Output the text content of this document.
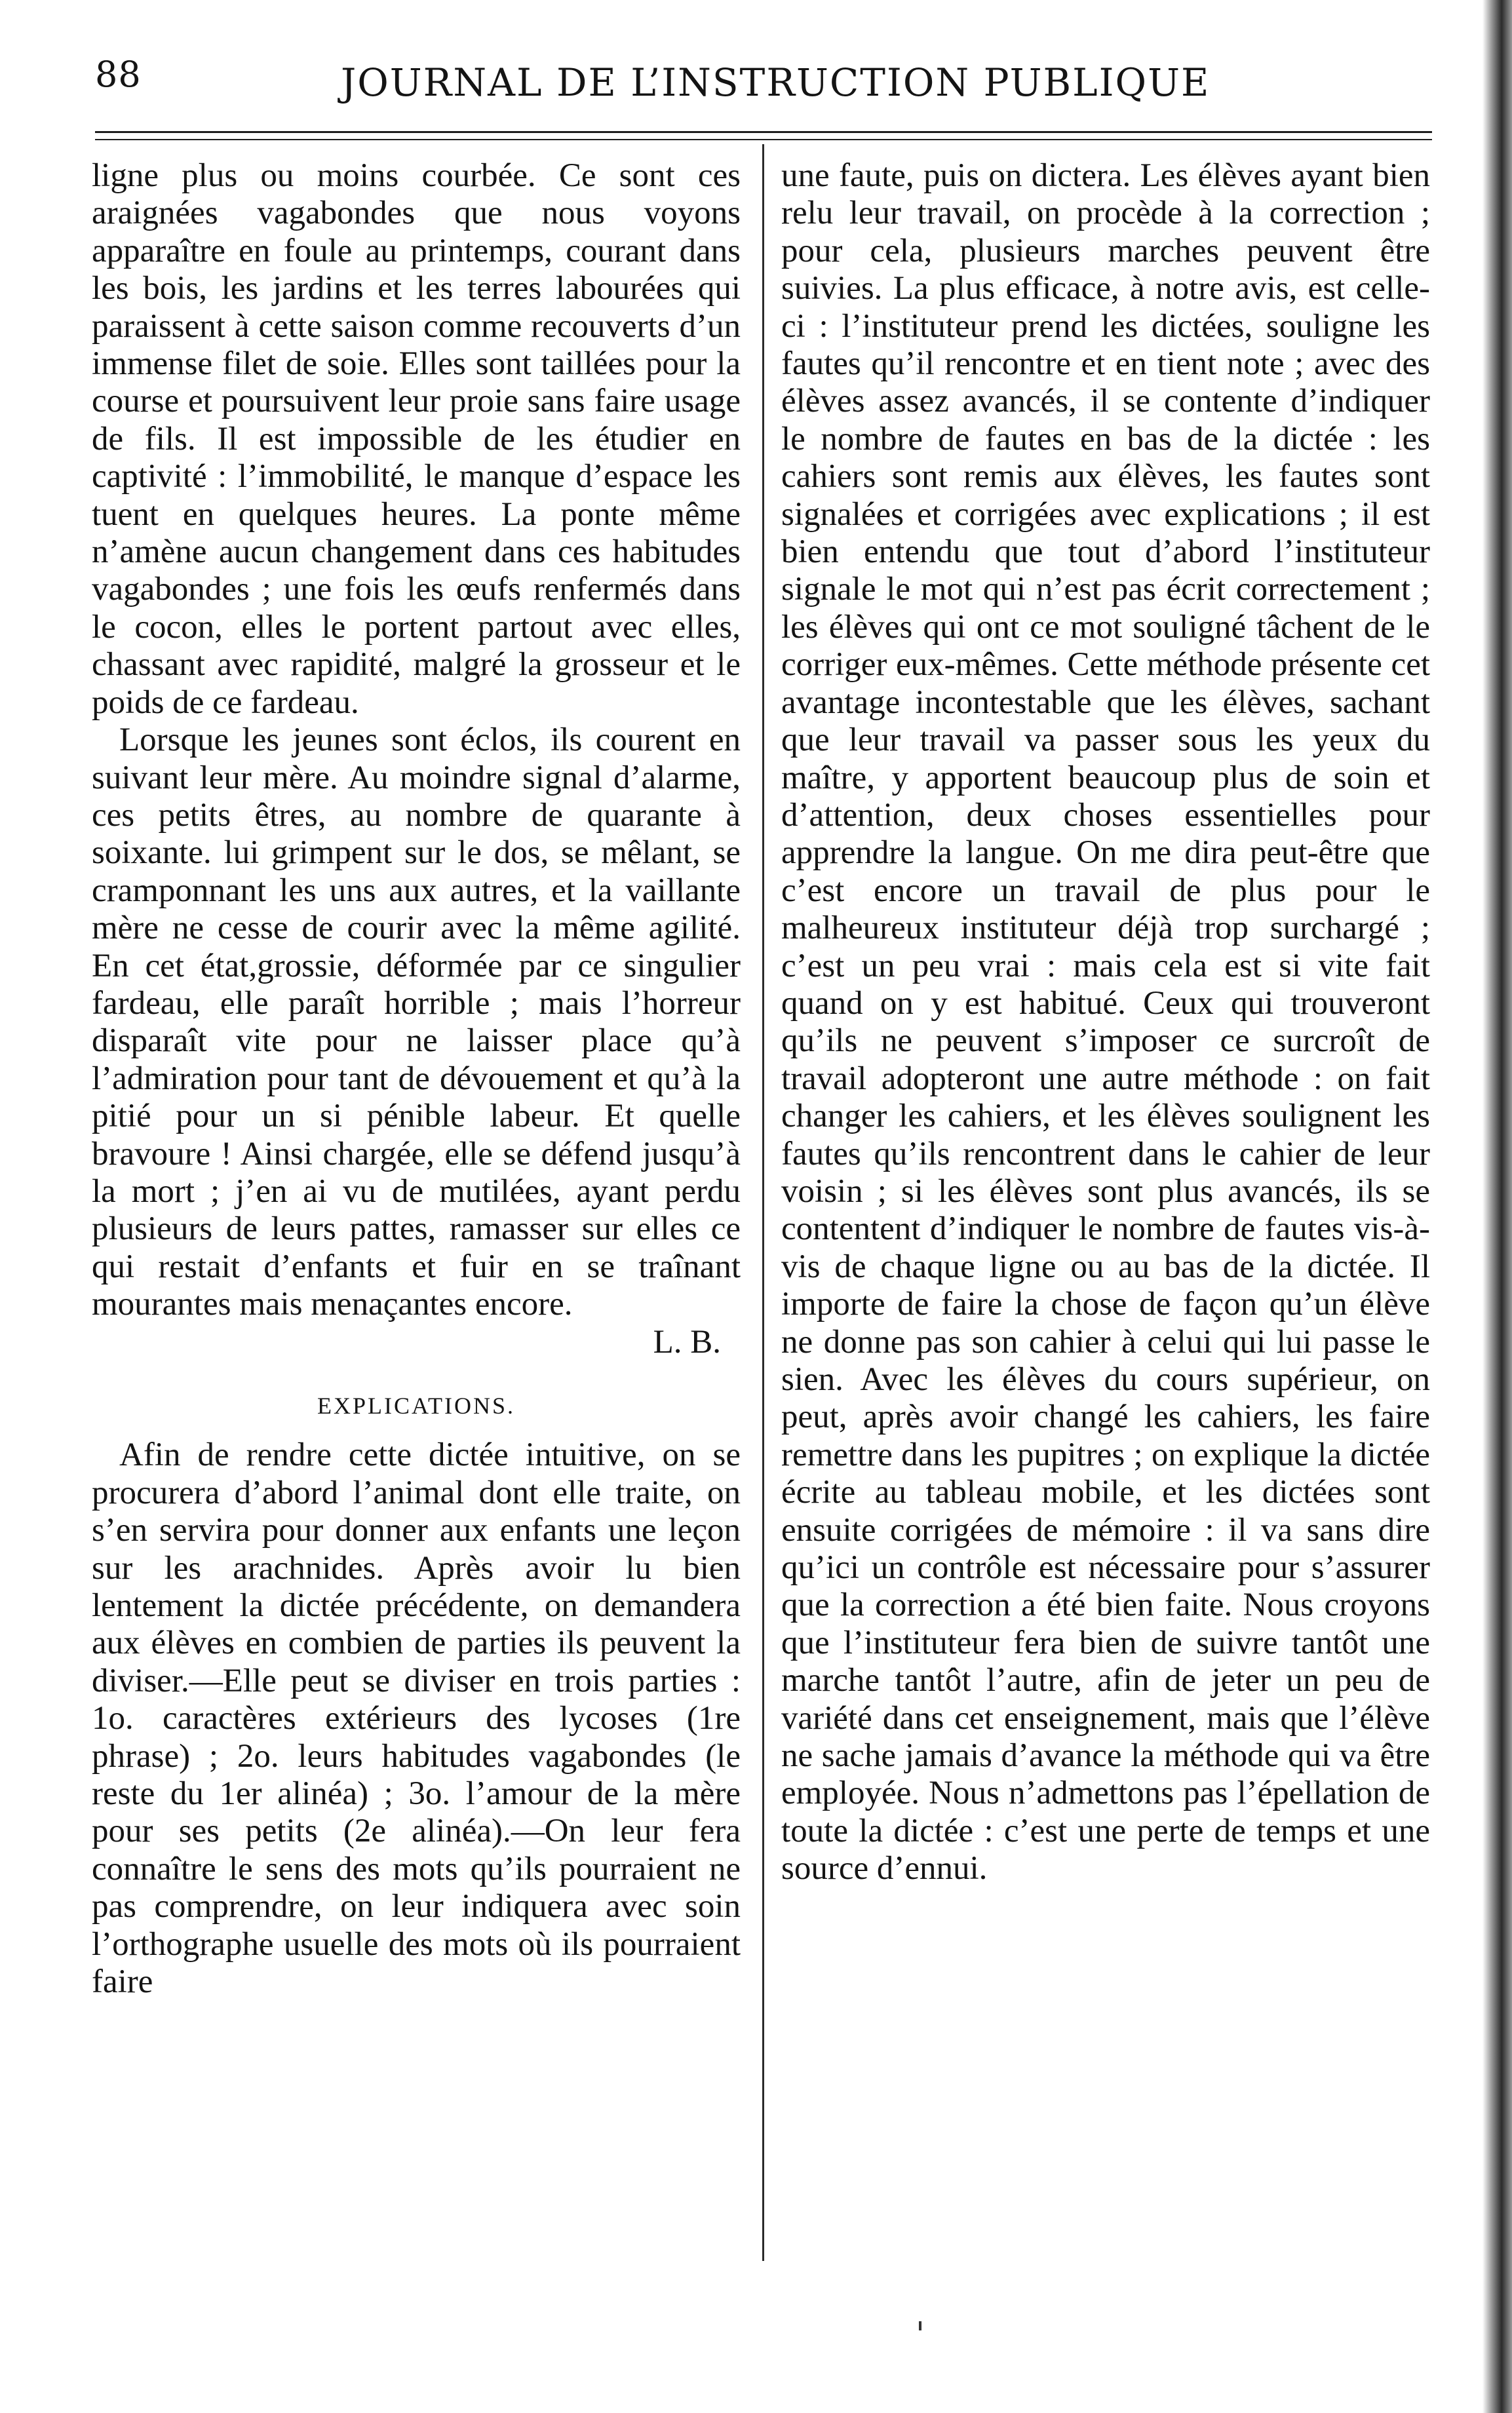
88	JOURNAL DE L’INSTRUCTION PUBLIQUE

ligne plus ou moins courbée. Ce sont ces araignées vagabondes que nous voyons apparaître en foule au printemps, courant dans les bois, les jardins et les terres labourées qui paraissent à cette saison comme recouverts d’un immense filet de soie. Elles sont taillées pour la course et poursuivent leur proie sans faire usage de fils. Il est impossible de les étudier en captivité : l’immobilité, le manque d’espace les tuent en quelques heures. La ponte même n’amène aucun changement dans ces habitudes vagabondes ; une fois les œufs renfermés dans le cocon, elles le portent partout avec elles, chassant avec rapidité, malgré la grosseur et le poids de ce fardeau.

Lorsque les jeunes sont éclos, ils courent en suivant leur mère. Au moindre signal d’alarme, ces petits êtres, au nombre de quarante à soixante. lui grimpent sur le dos, se mêlant, se cramponnant les uns aux autres, et la vaillante mère ne cesse de courir avec la même agilité. En cet état,grossie, déformée par ce singulier fardeau, elle paraît horrible ; mais l’horreur disparaît vite pour ne laisser place qu’à l’admiration pour tant de dévouement et qu’à la pitié pour un si pénible labeur. Et quelle bravoure ! Ainsi chargée, elle se défend jusqu’à la mort ; j’en ai vu de mutilées, ayant perdu plusieurs de leurs pattes, ramasser sur elles ce qui restait d’enfants et fuir en se traînant mourantes mais menaçantes encore.

L. B.

EXPLICATIONS.

Afin de rendre cette dictée intuitive, on se procurera d’abord l’animal dont elle traite, on s’en servira pour donner aux enfants une leçon sur les arachnides. Après avoir lu bien lentement la dictée précédente, on demandera aux élèves en combien de parties ils peuvent la diviser.—Elle peut se diviser en trois parties : 1o. caractères extérieurs des lycoses (1re phrase) ; 2o. leurs habitudes vagabondes (le reste du 1er alinéa) ; 3o. l’amour de la mère pour ses petits (2e alinéa).—On leur fera connaître le sens des mots qu’ils pourraient ne pas comprendre, on leur indiquera avec soin l’orthographe usuelle des mots où ils pourraient faire

une faute, puis on dictera. Les élèves ayant bien relu leur travail, on procède à la correction ; pour cela, plusieurs marches peuvent être suivies. La plus efficace, à notre avis, est celle-ci : l’instituteur prend les dictées, souligne les fautes qu’il rencontre et en tient note ; avec des élèves assez avancés, il se contente d’indiquer le nombre de fautes en bas de la dictée : les cahiers sont remis aux élèves, les fautes sont signalées et corrigées avec explications ; il est bien entendu que tout d’abord l’instituteur signale le mot qui n’est pas écrit correctement ; les élèves qui ont ce mot souligné tâchent de le corriger eux-mêmes. Cette méthode présente cet avantage incontestable que les élèves, sachant que leur travail va passer sous les yeux du maître, y apportent beaucoup plus de soin et d’attention, deux choses essentielles pour apprendre la langue. On me dira peut-être que c’est encore un travail de plus pour le malheureux instituteur déjà trop surchargé ; c’est un peu vrai : mais cela est si vite fait quand on y est habitué. Ceux qui trouveront qu’ils ne peuvent s’imposer ce surcroît de travail adopteront une autre méthode : on fait changer les cahiers, et les élèves soulignent les fautes qu’ils rencontrent dans le cahier de leur voisin ; si les élèves sont plus avancés, ils se contentent d’indiquer le nombre de fautes vis-à-vis de chaque ligne ou au bas de la dictée. Il importe de faire la chose de façon qu’un élève ne donne pas son cahier à celui qui lui passe le sien. Avec les élèves du cours supérieur, on peut, après avoir changé les cahiers, les faire remettre dans les pupitres ; on explique la dictée écrite au tableau mobile, et les dictées sont ensuite corrigées de mémoire : il va sans dire qu’ici un contrôle est nécessaire pour s’assurer que la correction a été bien faite. Nous croyons que l’instituteur fera bien de suivre tantôt une marche tantôt l’autre, afin de jeter un peu de variété dans cet enseignement, mais que l’élève ne sache jamais d’avance la méthode qui va être employée. Nous n’admettons pas l’épellation de toute la dictée : c’est une perte de temps et une source d’ennui.
